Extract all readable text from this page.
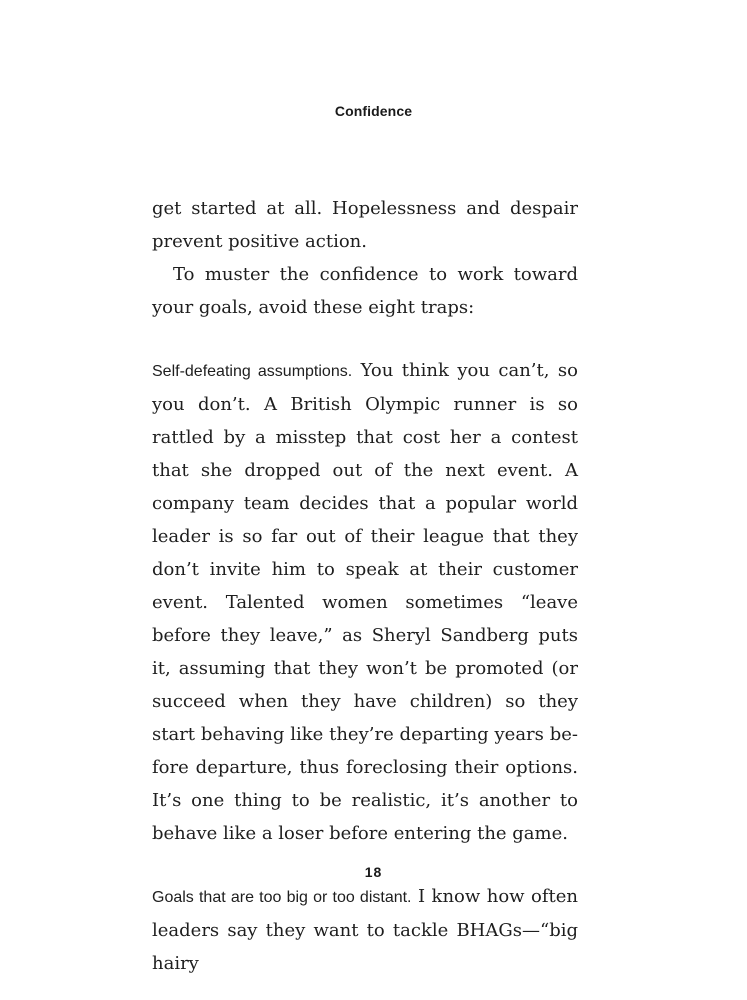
Confidence

get started at all. Hopelessness and despair prevent positive action.

To muster the confidence to work toward your goals, avoid these eight traps:

Self-defeating assumptions. You think you can’t, so you don’t. A British Olympic runner is so rattled by a misstep that cost her a contest that she dropped out of the next event. A company team decides that a popular world leader is so far out of their league that they don’t invite him to speak at their customer event. Talented women sometimes “leave before they leave,” as Sheryl Sandberg puts it, assuming that they won’t be promoted (or succeed when they have children) so they start behaving like they’re departing years before departure, thus foreclosing their options. It’s one thing to be realistic, it’s another to behave like a loser before entering the game.

Goals that are too big or too distant. I know how often leaders say they want to tackle BHAGs—“big hairy

18
